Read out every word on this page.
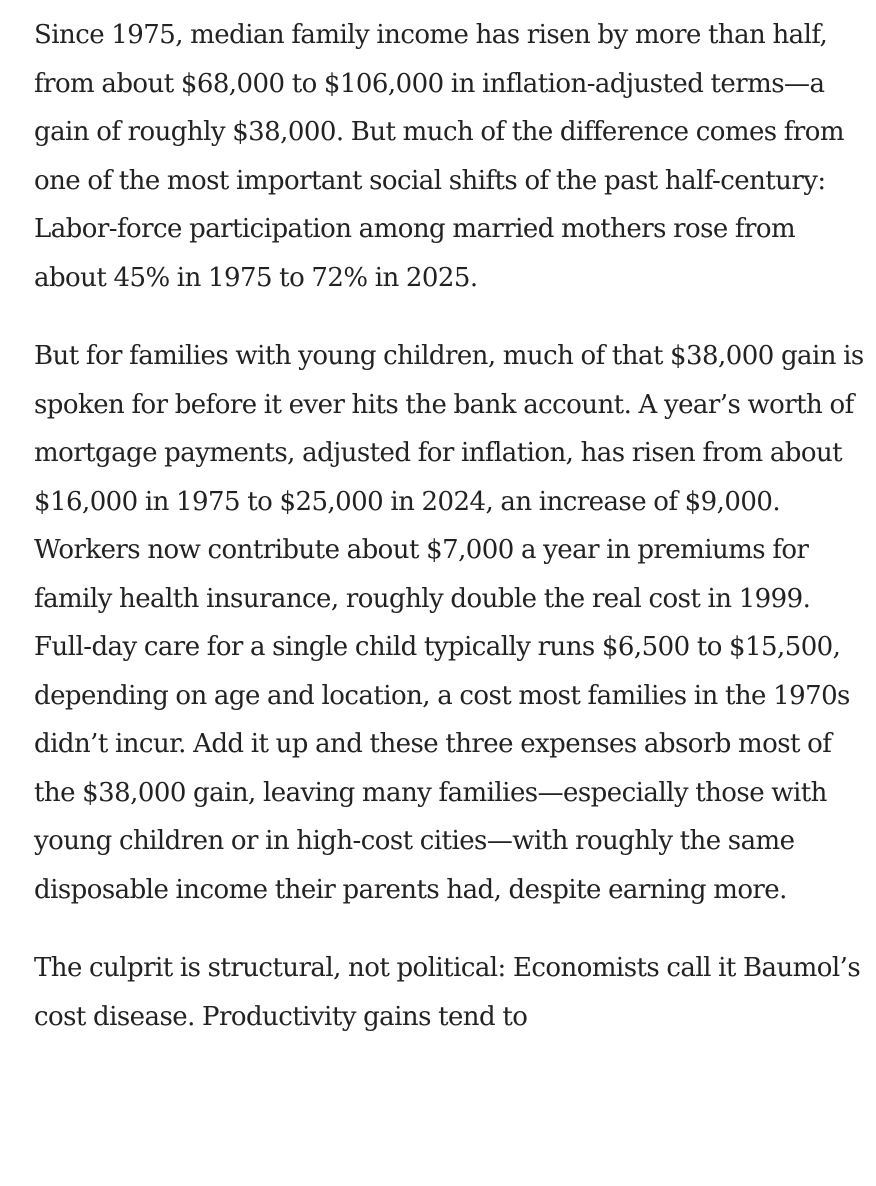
Since 1975, median family income has risen by more than half, from about $68,000 to $106,000 in inflation-adjusted terms—a gain of roughly $38,000. But much of the difference comes from one of the most important social shifts of the past half-century: Labor-force participation among married mothers rose from about 45% in 1975 to 72% in 2025.

But for families with young children, much of that $38,000 gain is spoken for before it ever hits the bank account. A year’s worth of mortgage payments, adjusted for inflation, has risen from about $16,000 in 1975 to $25,000 in 2024, an increase of $9,000. Workers now contribute about $7,000 a year in premiums for family health insurance, roughly double the real cost in 1999. Full-day care for a single child typically runs $6,500 to $15,500, depending on age and location, a cost most families in the 1970s didn’t incur. Add it up and these three expenses absorb most of the $38,000 gain, leaving many families—especially those with young children or in high-cost cities—with roughly the same disposable income their parents had, despite earning more.

The culprit is structural, not political: Economists call it Baumol’s cost disease. Productivity gains tend to
